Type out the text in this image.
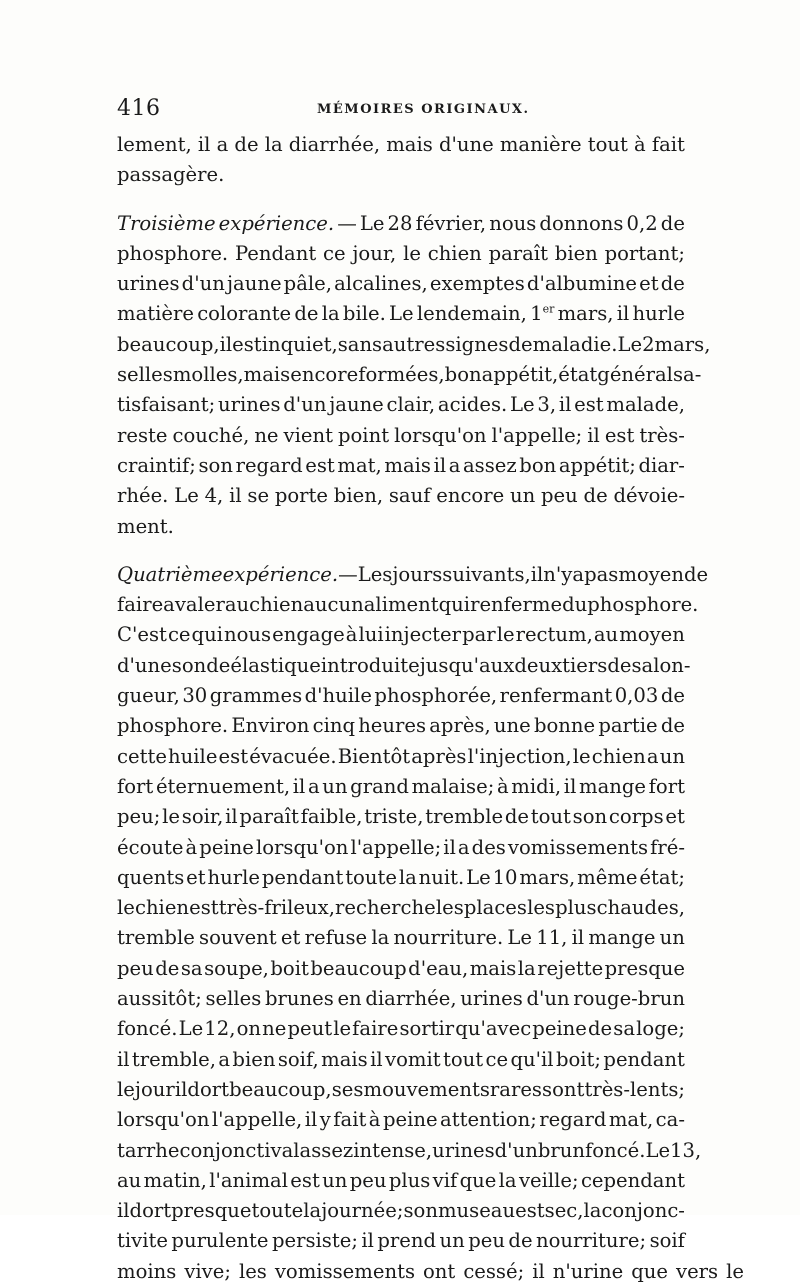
416	MÉMOIRES ORIGINAUX.
lement, il a de la diarrhée, mais d'une manière tout à fait
passagère.
Troisième expérience. — Le 28 février, nous donnons 0,2 de
phosphore. Pendant ce jour, le chien paraît bien portant;
urines d'un jaune pâle, alcalines, exemptes d'albumine et de
matière colorante de la bile. Le lendemain, 1er mars, il hurle
beaucoup, il est inquiet, sans autres signes de maladie. Le 2 mars,
selles molles, mais encore formées, bon appétit, état général sa-
tisfaisant; urines d'un jaune clair, acides. Le 3, il est malade,
reste couché, ne vient point lorsqu'on l'appelle; il est très-
craintif; son regard est mat, mais il a assez bon appétit; diar-
rhée. Le 4, il se porte bien, sauf encore un peu de dévoie-
ment.
Quatrième expérience. — Les jours suivants, il n'y a pas moyen de
faire avaler au chien aucun aliment qui renferme du phosphore.
C'est ce qui nous engage à lui injecter par le rectum, au moyen
d'une sonde élastique introduite jusqu'aux deux tiers de sa lon-
gueur, 30 grammes d'huile phosphorée, renfermant 0,03 de
phosphore. Environ cinq heures après, une bonne partie de
cette huile est évacuée. Bientôt après l'injection, le chien a un
fort éternuement, il a un grand malaise; à midi, il mange fort
peu; le soir, il paraît faible, triste, tremble de tout son corps et
écoute à peine lorsqu'on l'appelle; il a des vomissements fré-
quents et hurle pendant toute la nuit. Le 10 mars, même état;
le chien est très-frileux, recherche les places les plus chaudes,
tremble souvent et refuse la nourriture. Le 11, il mange un
peu de sa soupe, boit beaucoup d'eau, mais la rejette presque
aussitôt; selles brunes en diarrhée, urines d'un rouge-brun
foncé. Le 12, on ne peut le faire sortir qu'avec peine de sa loge;
il tremble, a bien soif, mais il vomit tout ce qu'il boit; pendant
le jour il dort beaucoup, ses mouvements rares sont très-lents;
lorsqu'on l'appelle, il y fait à peine attention; regard mat, ca-
tarrhe conjonctival assez intense, urines d'un brun foncé. Le 13,
au matin, l'animal est un peu plus vif que la veille; cependant
il dort presque toute la journée; son museau est sec, la conjonc-
tivite purulente persiste; il prend un peu de nourriture; soif
moins vive; les vomissements ont cessé; il n'urine que vers le
